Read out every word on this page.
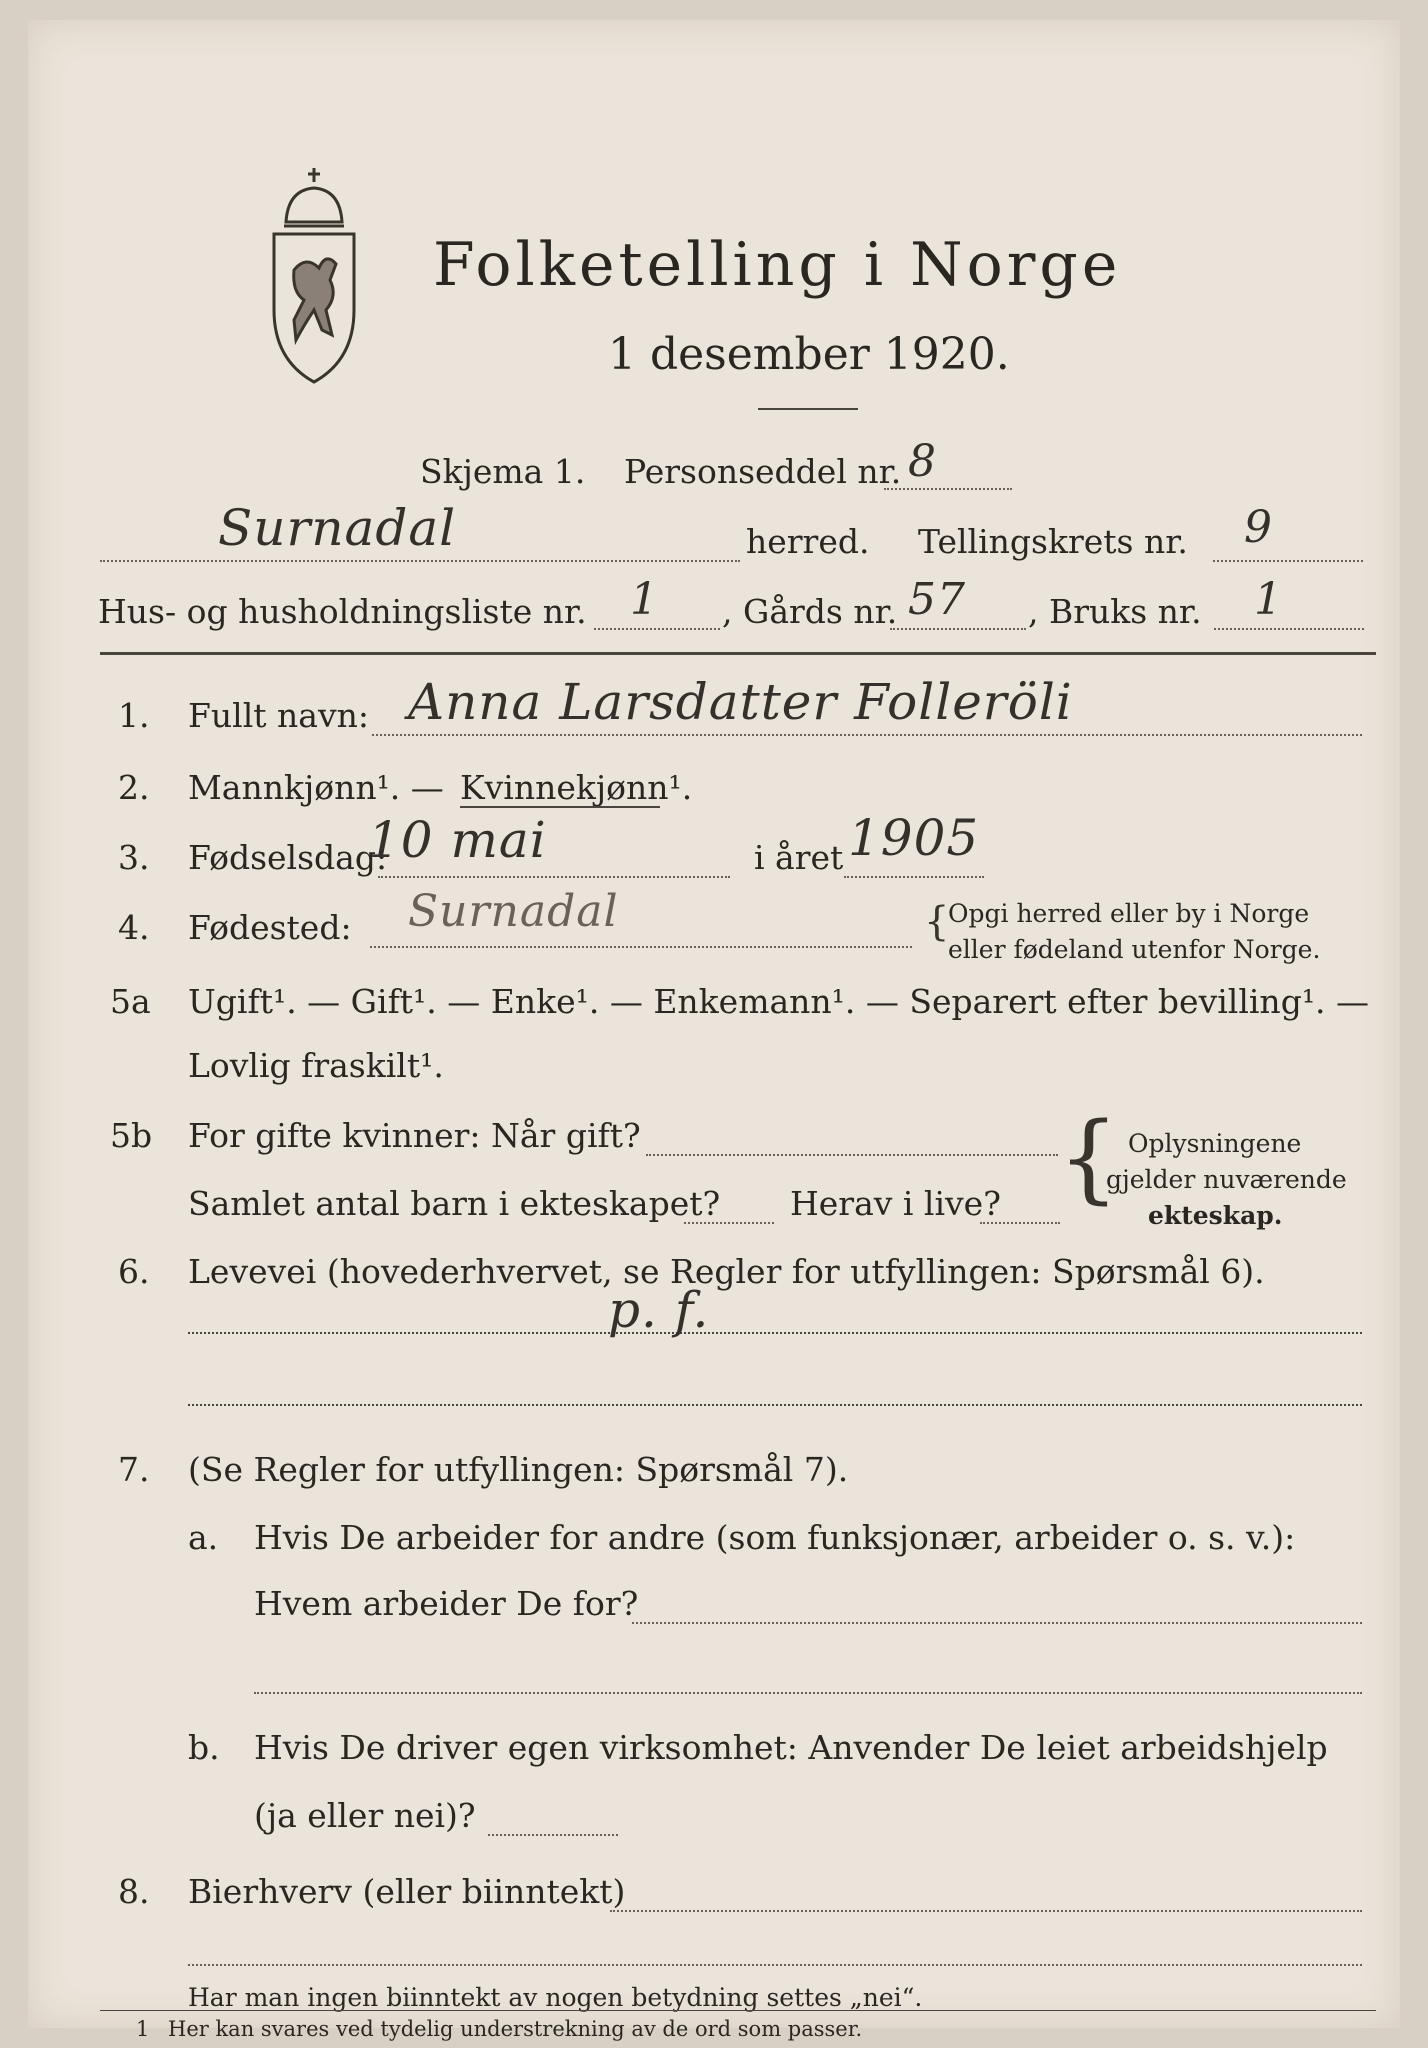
Folketelling i Norge
1 desember 1920.
Skjema 1. Personseddel nr. 8
Surnadal	herred. Tellingskrets nr. 9
Hus- og husholdningsliste nr. 1 , Gårds nr. 57 , Bruks nr. 1
1. Fullt navn: Anna Larsdatter Folleröli
2. Mannkjønn¹. — Kvinnekjønn¹.
3. Fødselsdag:
10 mai	i året 1905
4. Fødested: Surnadal	{
Opgi herred eller by i Norge
eller fødeland utenfor Norge.
5a Ugift¹. — Gift¹. — Enke¹. — Enkemann¹. — Separert efter bevilling¹. —
Lovlig fraskilt¹.
5b For gifte kvinner: Når gift?
Samlet antal barn i ekteskapet? Herav i live? { Oplysningene
gjelder nuværende
ekteskap.
6. Levevei (hovederhvervet, se Regler for utfyllingen: Spørsmål 6).
p. f.
7. (Se Regler for utfyllingen: Spørsmål 7).
a. Hvis De arbeider for andre (som funksjonær, arbeider o. s. v.):
Hvem arbeider De for?
b. Hvis De driver egen virksomhet: Anvender De leiet arbeidshjelp
(ja eller nei)?
8. Bierhverv (eller biinntekt)
Har man ingen biinntekt av nogen betydning settes „nei“.
1 Her kan svares ved tydelig understrekning av de ord som passer.
